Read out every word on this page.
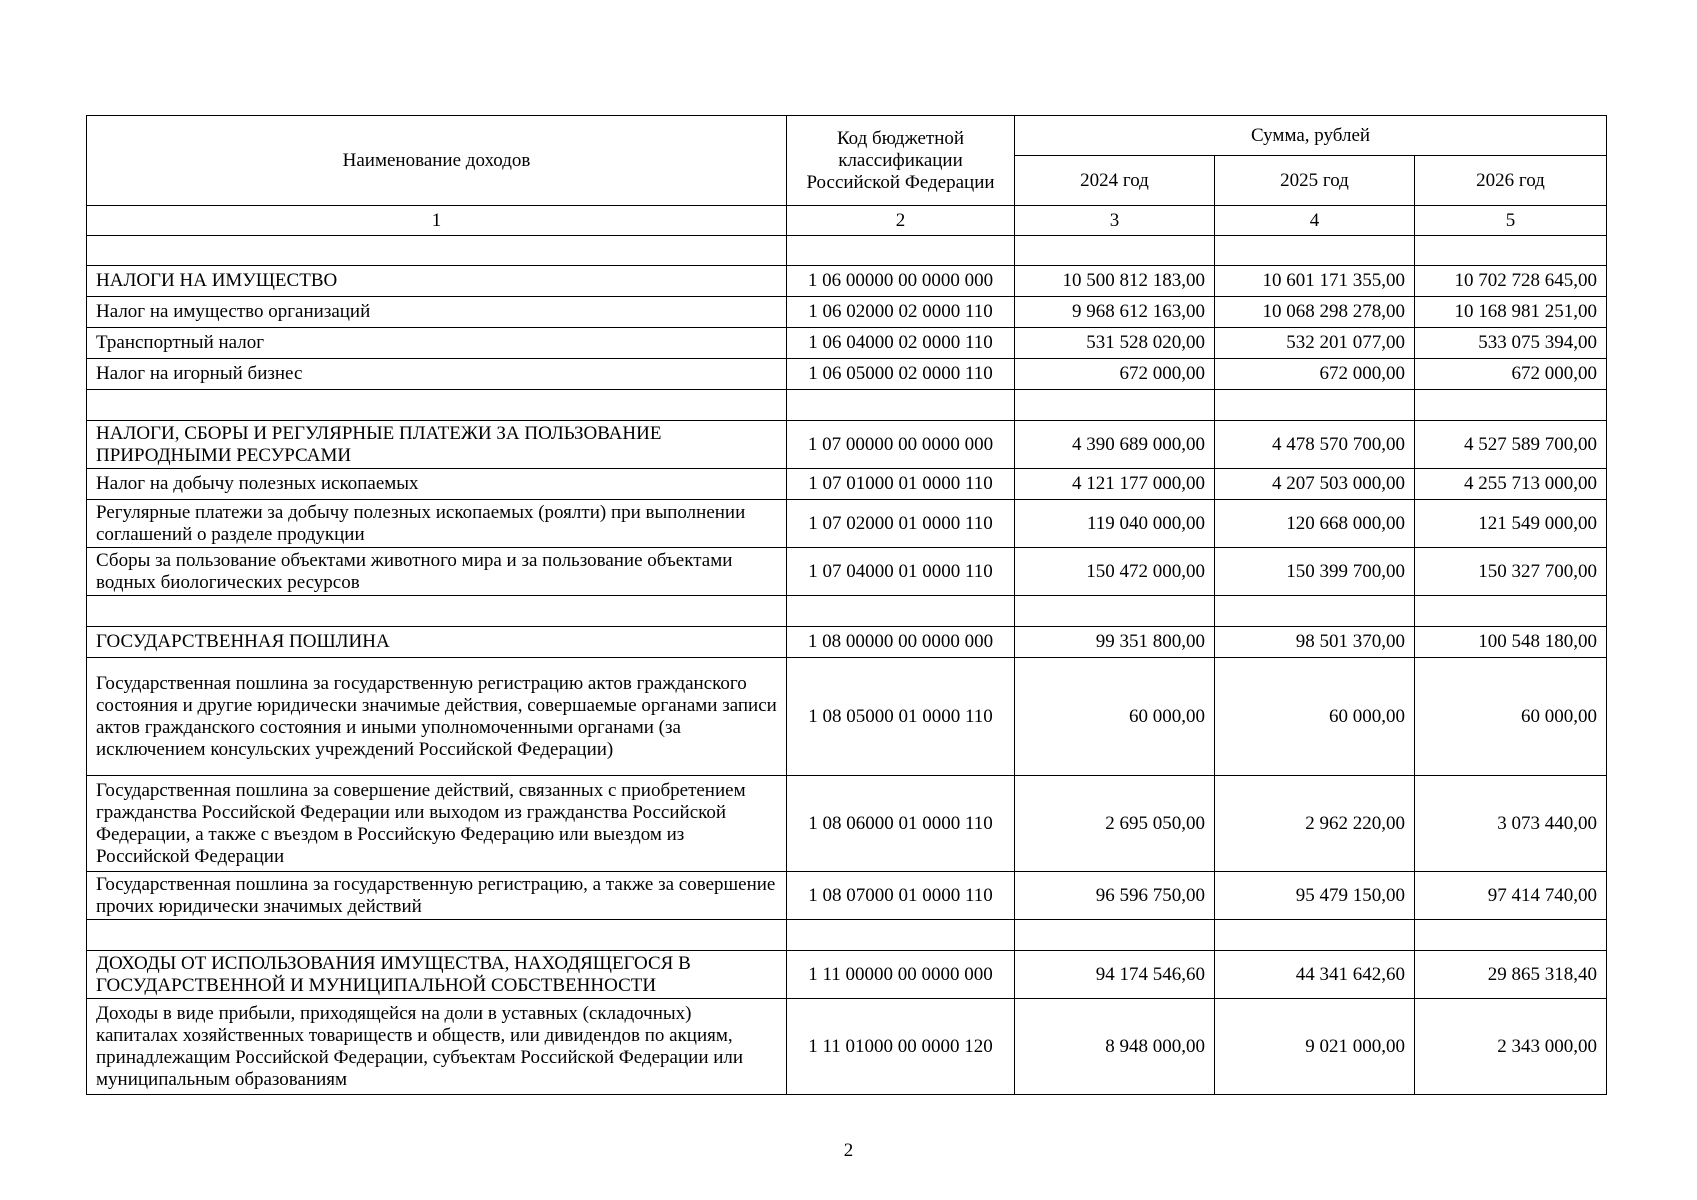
Наименование доходов	Код бюджетной классификации Российской Федерации	Сумма, рублей		
		2024 год	2025 год	2026 год
1	2	3	4	5

НАЛОГИ НА ИМУЩЕСТВО	1 06 00000 00 0000 000	10 500 812 183,00	10 601 171 355,00	10 702 728 645,00
Налог на имущество организаций	1 06 02000 02 0000 110	9 968 612 163,00	10 068 298 278,00	10 168 981 251,00
Транспортный налог	1 06 04000 02 0000 110	531 528 020,00	532 201 077,00	533 075 394,00
Налог на игорный бизнес	1 06 05000 02 0000 110	672 000,00	672 000,00	672 000,00

НАЛОГИ, СБОРЫ И РЕГУЛЯРНЫЕ ПЛАТЕЖИ ЗА ПОЛЬЗОВАНИЕ ПРИРОДНЫМИ РЕСУРСАМИ	1 07 00000 00 0000 000	4 390 689 000,00	4 478 570 700,00	4 527 589 700,00
Налог на добычу полезных ископаемых	1 07 01000 01 0000 110	4 121 177 000,00	4 207 503 000,00	4 255 713 000,00
Регулярные платежи за добычу полезных ископаемых (роялти) при выполнении соглашений о разделе продукции	1 07 02000 01 0000 110	119 040 000,00	120 668 000,00	121 549 000,00
Сборы за пользование объектами животного мира и за пользование объектами водных биологических ресурсов	1 07 04000 01 0000 110	150 472 000,00	150 399 700,00	150 327 700,00

ГОСУДАРСТВЕННАЯ ПОШЛИНА	1 08 00000 00 0000 000	99 351 800,00	98 501 370,00	100 548 180,00
Государственная пошлина за государственную регистрацию актов гражданского состояния и другие юридически значимые действия, совершаемые органами записи актов гражданского состояния и иными уполномоченными органами (за исключением консульских учреждений Российской Федерации)	1 08 05000 01 0000 110	60 000,00	60 000,00	60 000,00
Государственная пошлина за совершение действий, связанных с приобретением гражданства Российской Федерации или выходом из гражданства Российской Федерации, а также с въездом в Российскую Федерацию или выездом из Российской Федерации	1 08 06000 01 0000 110	2 695 050,00	2 962 220,00	3 073 440,00
Государственная пошлина за государственную регистрацию, а также за совершение прочих юридически значимых действий	1 08 07000 01 0000 110	96 596 750,00	95 479 150,00	97 414 740,00

ДОХОДЫ ОТ ИСПОЛЬЗОВАНИЯ ИМУЩЕСТВА, НАХОДЯЩЕГОСЯ В ГОСУДАРСТВЕННОЙ И МУНИЦИПАЛЬНОЙ СОБСТВЕННОСТИ	1 11 00000 00 0000 000	94 174 546,60	44 341 642,60	29 865 318,40
Доходы в виде прибыли, приходящейся на доли в уставных (складочных) капиталах хозяйственных товариществ и обществ, или дивидендов по акциям, принадлежащим Российской Федерации, субъектам Российской Федерации или муниципальным образованиям	1 11 01000 00 0000 120	8 948 000,00	9 021 000,00	2 343 000,00
2
